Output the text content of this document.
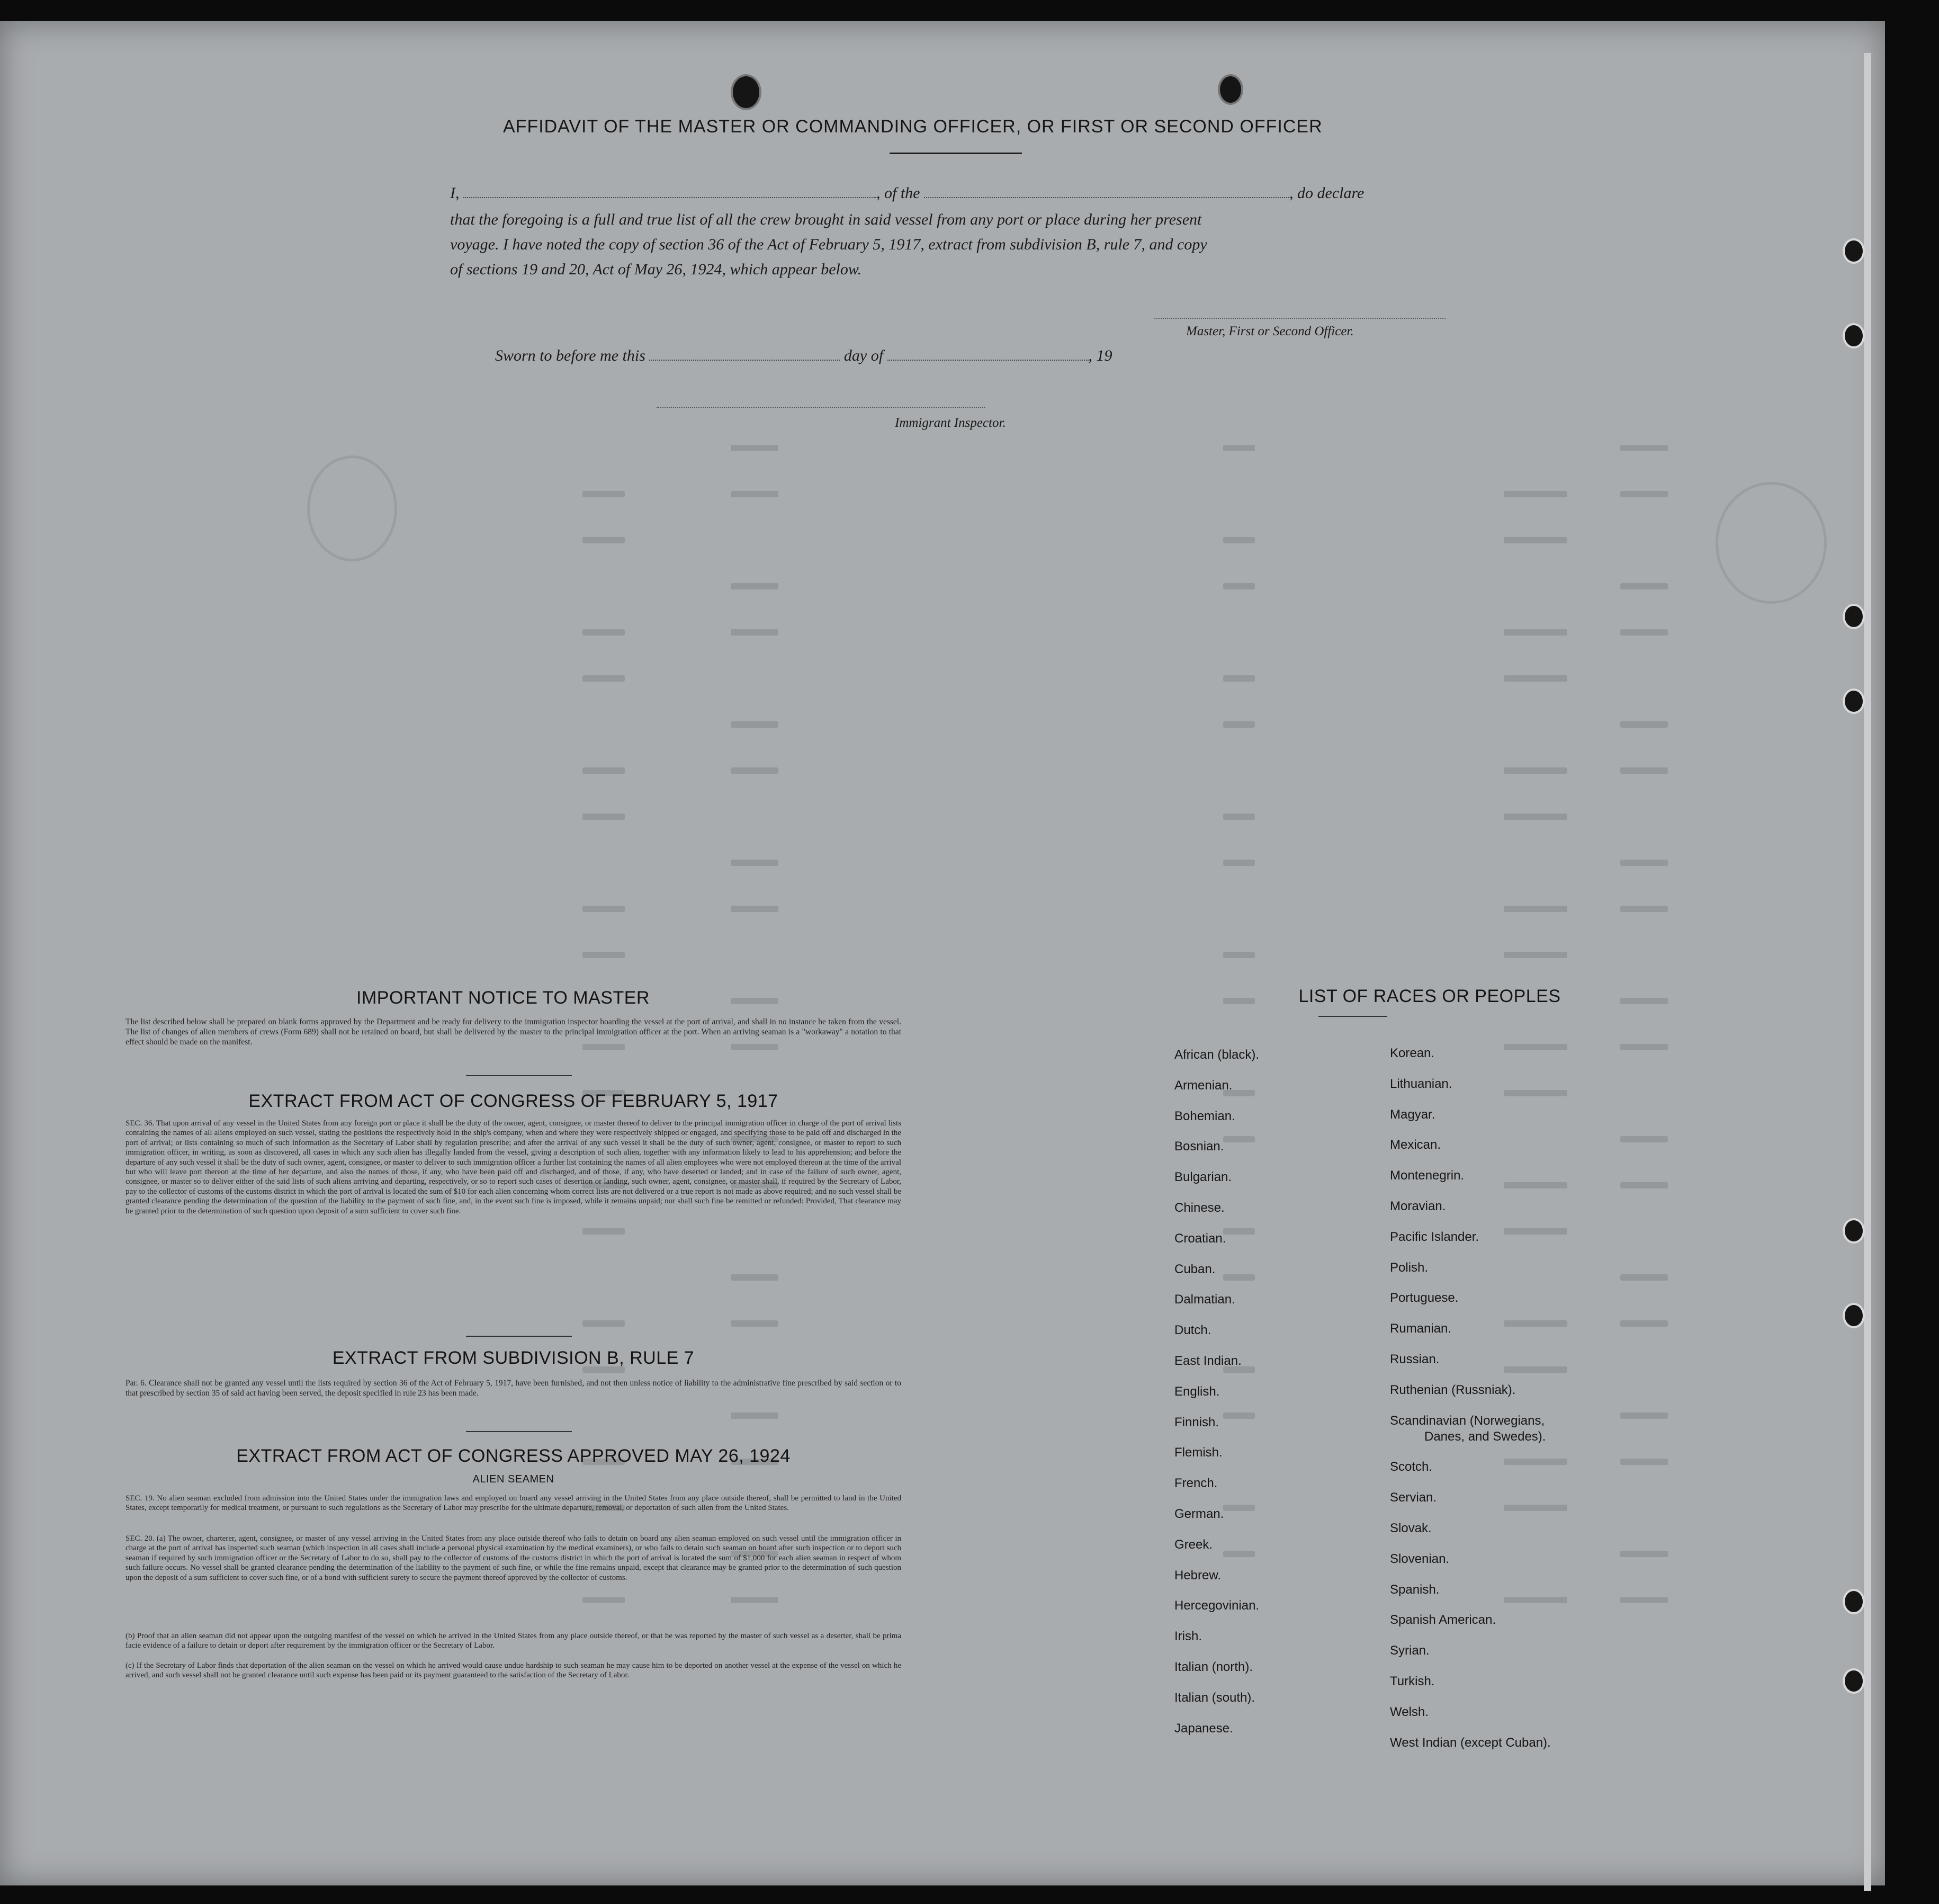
AFFIDAVIT OF THE MASTER OR COMMANDING OFFICER, OR FIRST OR SECOND OFFICER
I,	, of the	, do declare
that the foregoing is a full and true list of all the crew brought in said vessel from any port or place during her present
voyage. I have noted the copy of section 36 of the Act of February 5, 1917, extract from subdivision B, rule 7, and copy
of sections 19 and 20, Act of May 26, 1924, which appear below.
Master, First or Second Officer.
Sworn to before me this	day of	, 19
Immigrant Inspector.
IMPORTANT NOTICE TO MASTER
The list described below shall be prepared on blank forms approved by the Department and be ready for delivery to the immigration inspector boarding the vessel at the port of arrival, and shall in no instance be taken from the vessel. The list of changes of alien members of crews (Form 689) shall not be retained on board, but shall be delivered by the master to the principal immigration officer at the port. When an arriving seaman is a "workaway" a notation to that effect should be made on the manifest.
EXTRACT FROM ACT OF CONGRESS OF FEBRUARY 5, 1917
SEC. 36. That upon arrival of any vessel in the United States from any foreign port or place it shall be the duty of the owner, agent, consignee, or master thereof to deliver to the principal immigration officer in charge of the port of arrival lists containing the names of all aliens employed on such vessel, stating the positions the respectively hold in the ship's company, when and where they were respectively shipped or engaged, and specifying those to be paid off and discharged in the port of arrival; or lists containing so much of such information as the Secretary of Labor shall by regulation prescribe; and after the arrival of any such vessel it shall be the duty of such owner, agent, consignee, or master to report to such immigration officer, in writing, as soon as discovered, all cases in which any such alien has illegally landed from the vessel, giving a description of such alien, together with any information likely to lead to his apprehension; and before the departure of any such vessel it shall be the duty of such owner, agent, consignee, or master to deliver to such immigration officer a further list containing the names of all alien employees who were not employed thereon at the time of the arrival but who will leave port thereon at the time of her departure, and also the names of those, if any, who have been paid off and discharged, and of those, if any, who have deserted or landed; and in case of the failure of such owner, agent, consignee, or master so to deliver either of the said lists of such aliens arriving and departing, respectively, or so to report such cases of desertion or landing, such owner, agent, consignee, or master shall, if required by the Secretary of Labor, pay to the collector of customs of the customs district in which the port of arrival is located the sum of $10 for each alien concerning whom correct lists are not delivered or a true report is not made as above required; and no such vessel shall be granted clearance pending the determination of the question of the liability to the payment of such fine, and, in the event such fine is imposed, while it remains unpaid; nor shall such fine be remitted or refunded: Provided, That clearance may be granted prior to the determination of such question upon deposit of a sum sufficient to cover such fine.
EXTRACT FROM SUBDIVISION B, RULE 7
Par. 6. Clearance shall not be granted any vessel until the lists required by section 36 of the Act of February 5, 1917, have been furnished, and not then unless notice of liability to the administrative fine prescribed by said section or to that prescribed by section 35 of said act having been served, the deposit specified in rule 23 has been made.
EXTRACT FROM ACT OF CONGRESS APPROVED MAY 26, 1924
ALIEN SEAMEN
SEC. 19. No alien seaman excluded from admission into the United States under the immigration laws and employed on board any vessel arriving in the United States from any place outside thereof, shall be permitted to land in the United States, except temporarily for medical treatment, or pursuant to such regulations as the Secretary of Labor may prescribe for the ultimate departure, removal, or deportation of such alien from the United States.
SEC. 20. (a) The owner, charterer, agent, consignee, or master of any vessel arriving in the United States from any place outside thereof who fails to detain on board any alien seaman employed on such vessel until the immigration officer in charge at the port of arrival has inspected such seaman (which inspection in all cases shall include a personal physical examination by the medical examiners), or who fails to detain such seaman on board after such inspection or to deport such seaman if required by such immigration officer or the Secretary of Labor to do so, shall pay to the collector of customs of the customs district in which the port of arrival is located the sum of $1,000 for each alien seaman in respect of whom such failure occurs. No vessel shall be granted clearance pending the determination of the liability to the payment of such fine, or while the fine remains unpaid, except that clearance may be granted prior to the determination of such question upon the deposit of a sum sufficient to cover such fine, or of a bond with sufficient surety to secure the payment thereof approved by the collector of customs.
(b) Proof that an alien seaman did not appear upon the outgoing manifest of the vessel on which he arrived in the United States from any place outside thereof, or that he was reported by the master of such vessel as a deserter, shall be prima facie evidence of a failure to detain or deport after requirement by the immigration officer or the Secretary of Labor.
(c) If the Secretary of Labor finds that deportation of the alien seaman on the vessel on which he arrived would cause undue hardship to such seaman he may cause him to be deported on another vessel at the expense of the vessel on which he arrived, and such vessel shall not be granted clearance until such expense has been paid or its payment guaranteed to the satisfaction of the Secretary of Labor.
LIST OF RACES OR PEOPLES
African (black).
Armenian.
Bohemian.
Bosnian.
Bulgarian.
Chinese.
Croatian.
Cuban.
Dalmatian.
Dutch.
East Indian.
English.
Finnish.
Flemish.
French.
German.
Greek.
Hebrew.
Hercegovinian.
Irish.
Italian (north).
Italian (south).
Japanese.
Korean.
Lithuanian.
Magyar.
Mexican.
Montenegrin.
Moravian.
Pacific Islander.
Polish.
Portuguese.
Rumanian.
Russian.
Ruthenian (Russniak).
Scandinavian (Norwegians,
Danes, and Swedes).
Scotch.
Servian.
Slovak.
Slovenian.
Spanish.
Spanish American.
Syrian.
Turkish.
Welsh.
West Indian (except Cuban).
